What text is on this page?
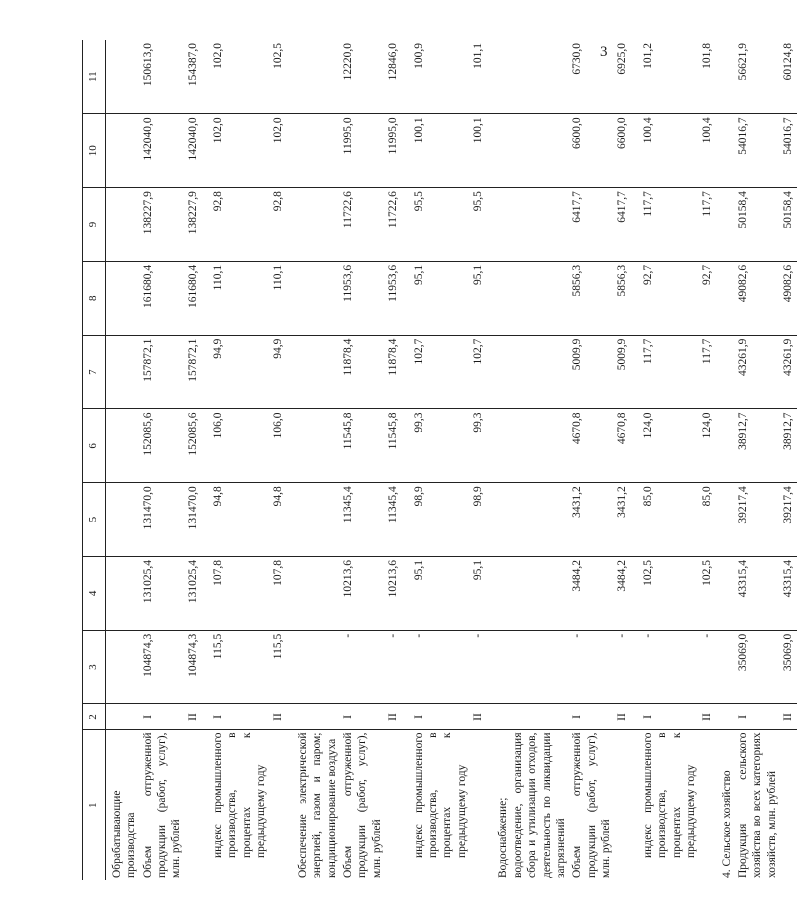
3
1	2	3	4	5	6	7	8	9	10	11
Обрабатывающие производства										
Объем отгруженной продукции (работ, услуг), млн. рублей	I	104874,3	131025,4	131470,0	152085,6	157872,1	161680,4	138227,9	142040,0	150613,0
	II	104874,3	131025,4	131470,0	152085,6	157872,1	161680,4	138227,9	142040,0	154387,0
индекс промышленного производства, в процентах к предыдущему году	I	115,5	107,8	94,8	106,0	94,9	110,1	92,8	102,0	102,0
	II	115,5	107,8	94,8	106,0	94,9	110,1	92,8	102,0	102,5
Обеспечение электрической энергией, газом и паром; кондиционирование воздуха										
Объем отгруженной продукции (работ, услуг), млн. рублей	I	-	10213,6	11345,4	11545,8	11878,4	11953,6	11722,6	11995,0	12220,0
	II	-	10213,6	11345,4	11545,8	11878,4	11953,6	11722,6	11995,0	12846,0
индекс промышленного производства, в процентах к предыдущему году	I	-	95,1	98,9	99,3	102,7	95,1	95,5	100,1	100,9
	II	-	95,1	98,9	99,3	102,7	95,1	95,5	100,1	101,1
Водоснабжение; водоотведение, организация сбора и утилизации отходов, деятельность по ликвидации загрязнений										
Объем отгруженной продукции (работ, услуг), млн. рублей	I	-	3484,2	3431,2	4670,8	5009,9	5856,3	6417,7	6600,0	6730,0
	II	-	3484,2	3431,2	4670,8	5009,9	5856,3	6417,7	6600,0	6925,0
индекс промышленного производства, в процентах к предыдущему году	I	-	102,5	85,0	124,0	117,7	92,7	117,7	100,4	101,2
	II	-	102,5	85,0	124,0	117,7	92,7	117,7	100,4	101,8
4. Сельское хозяйство										
Продукция сельского хозяйства во всех категориях хозяйств, млн. рублей	I	35069,0	43315,4	39217,4	38912,7	43261,9	49082,6	50158,4	54016,7	56621,9
	II	35069,0	43315,4	39217,4	38912,7	43261,9	49082,6	50158,4	54016,7	60124,8
